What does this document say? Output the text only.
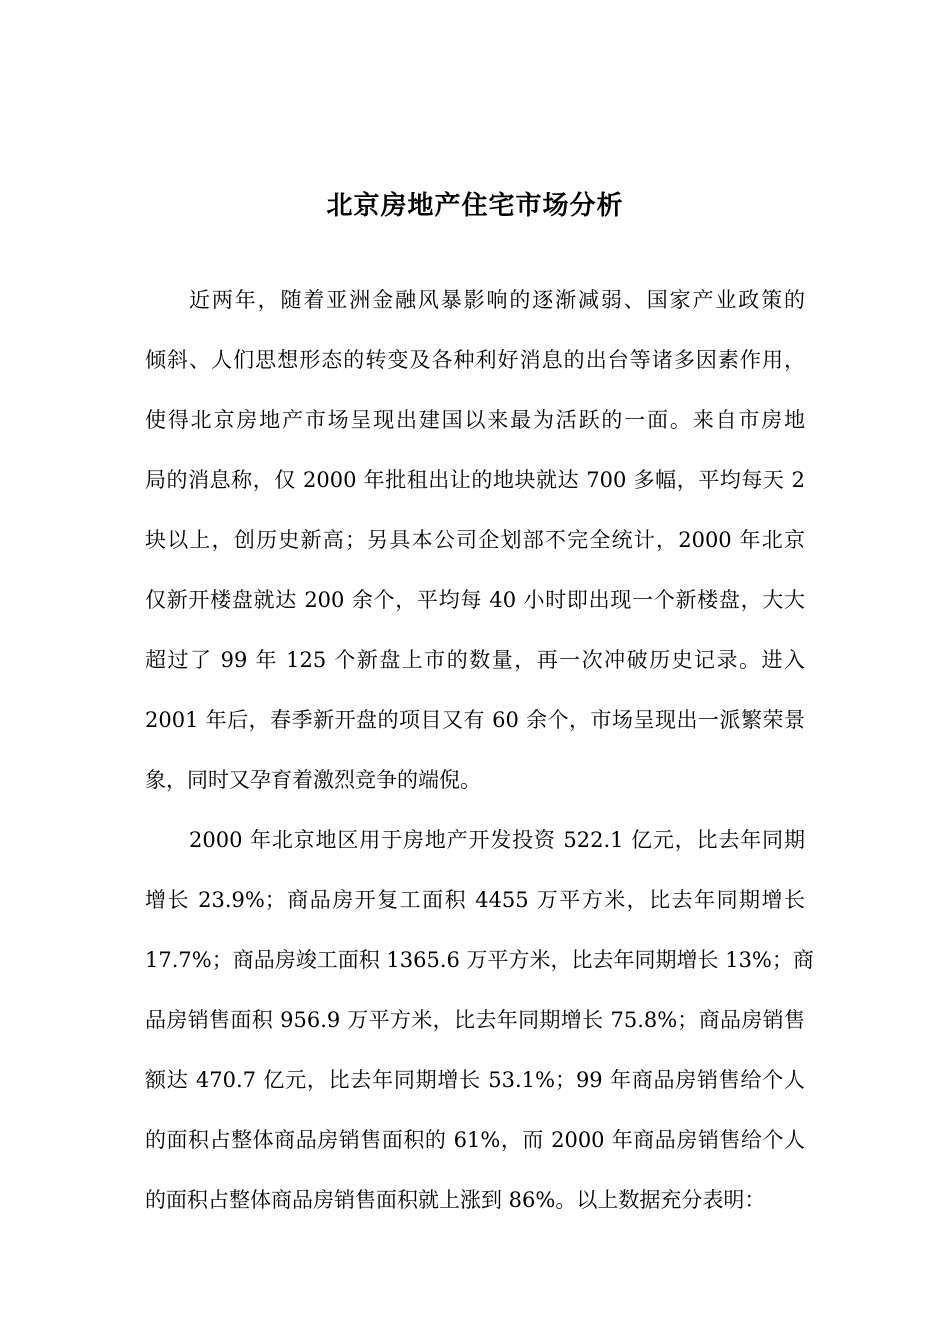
北京房地产住宅市场分析
近两年，随着亚洲金融风暴影响的逐渐减弱、国家产业政策的
倾斜、人们思想形态的转变及各种利好消息的出台等诸多因素作用，
使得北京房地产市场呈现出建国以来最为活跃的一面。来自市房地
局的消息称，仅 2000 年批租出让的地块就达 700 多幅，平均每天 2
块以上，创历史新高；另具本公司企划部不完全统计，2000 年北京
仅新开楼盘就达 200 余个，平均每 40 小时即出现一个新楼盘，大大
超过了 99 年 125 个新盘上市的数量，再一次冲破历史记录。进入
2001 年后，春季新开盘的项目又有 60 余个，市场呈现出一派繁荣景
象，同时又孕育着激烈竞争的端倪。
2000 年北京地区用于房地产开发投资 522.1 亿元，比去年同期
增长 23.9%；商品房开复工面积 4455 万平方米，比去年同期增长
17.7%；商品房竣工面积 1365.6 万平方米，比去年同期增长 13%；商
品房销售面积 956.9 万平方米，比去年同期增长 75.8%；商品房销售
额达 470.7 亿元，比去年同期增长 53.1%；99 年商品房销售给个人
的面积占整体商品房销售面积的 61%，而 2000 年商品房销售给个人
的面积占整体商品房销售面积就上涨到 86%。以上数据充分表明：
